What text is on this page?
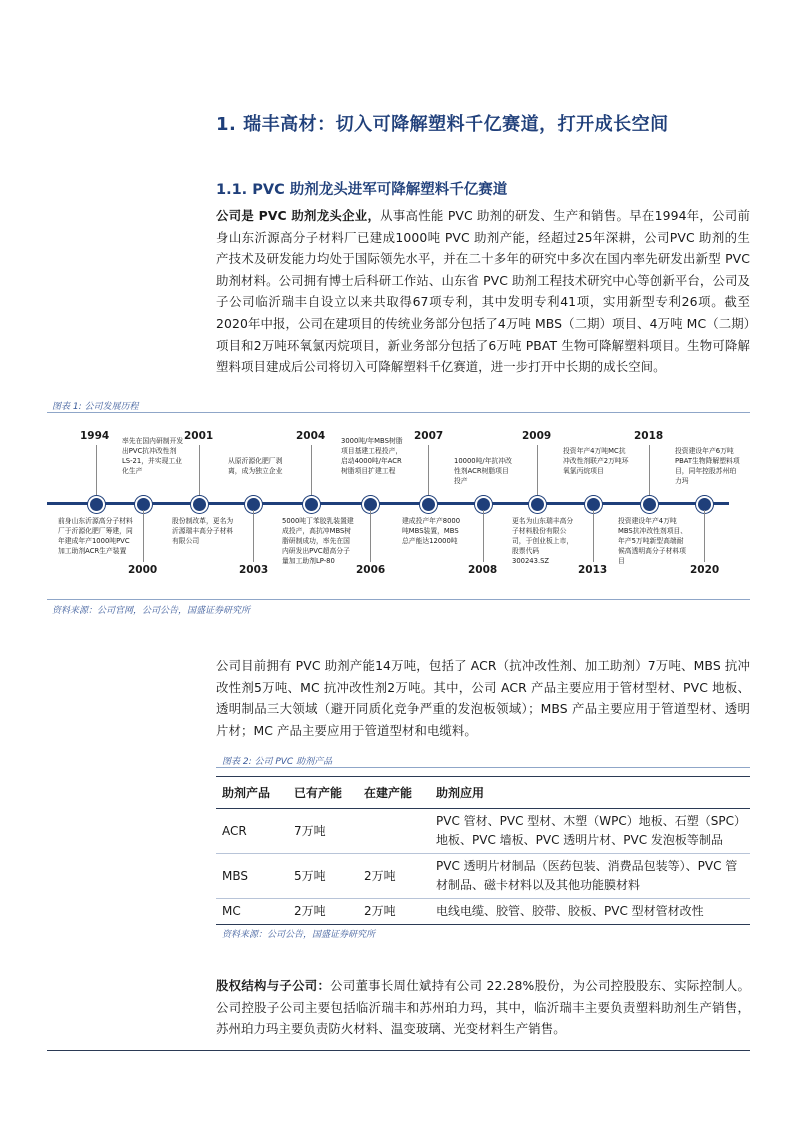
1. 瑞丰高材：切入可降解塑料千亿赛道，打开成长空间
1.1. PVC 助剂龙头进军可降解塑料千亿赛道
公司是 PVC 助剂龙头企业，从事高性能 PVC 助剂的研发、生产和销售。早在1994年，公司前身山东沂源高分子材料厂已建成1000吨 PVC 助剂产能，经超过25年深耕，公司PVC 助剂的生产技术及研发能力均处于国际领先水平，并在二十多年的研究中多次在国内率先研发出新型 PVC 助剂材料。公司拥有博士后科研工作站、山东省 PVC 助剂工程技术研究中心等创新平台，公司及子公司临沂瑞丰自设立以来共取得67项专利，其中发明专利41项，实用新型专利26项。截至2020年中报，公司在建项目的传统业务部分包括了4万吨 MBS（二期）项目、4万吨 MC（二期）项目和2万吨环氧氯丙烷项目，新业务部分包括了6万吨 PBAT 生物可降解塑料项目。生物可降解塑料项目建成后公司将切入可降解塑料千亿赛道，进一步打开中长期的成长空间。
图表 1: 公司发展历程
1994 率先在国内研制开发出PVC抗冲改性剂LS-21，并实现工业化生产
2001
从原沂源化肥厂剥离，成为独立企业
2004 3000吨/年MBS树脂项目基建工程投产，启动4000吨/年ACR树脂项目扩建工程
2007
10000吨/年抗冲改性剂ACR树脂项目投产
2009
投资年产4万吨MC抗冲改性剂联产2万吨环氧氯丙烷项目
2018
投资建设年产6万吨PBAT生物降解塑料项目，同年控股苏州珀力玛
2000
前身山东沂源高分子材料厂于沂源化肥厂筹建，同年建成年产1000吨PVC加工助剂ACR生产装置
2003
股份制改革，更名为沂源瑞丰高分子材料有限公司
2006
5000吨丁苯胶乳装置建成投产，高抗冲MBS树脂研制成功，率先在国内研发出PVC超高分子量加工助剂LP-80
2008
建成投产年产8000吨MBS装置，MBS总产能达12000吨
2013
更名为山东瑞丰高分子材料股份有限公司，于创业板上市，股票代码300243.SZ
2020
投资建设年产4万吨MBS抗冲改性剂项目、年产5万吨新型高端耐候高透明高分子材料项目
资料来源：公司官网，公司公告，国盛证券研究所
公司目前拥有 PVC 助剂产能14万吨，包括了 ACR（抗冲改性剂、加工助剂）7万吨、MBS 抗冲改性剂5万吨、MC 抗冲改性剂2万吨。其中，公司 ACR 产品主要应用于管材型材、PVC 地板、透明制品三大领域（避开同质化竞争严重的发泡板领域）；MBS 产品主要应用于管道型材、透明片材；MC 产品主要应用于管道型材和电缆料。
图表 2: 公司 PVC 助剂产品
助剂产品	已有产能	在建产能	助剂应用
ACR	7万吨		PVC 管材、PVC 型材、木塑（WPC）地板、石塑（SPC）地板、PVC 墙板、PVC 透明片材、PVC 发泡板等制品
MBS	5万吨	2万吨	PVC 透明片材制品（医药包装、消费品包装等）、PVC 管材制品、磁卡材料以及其他功能膜材料
MC	2万吨	2万吨	电线电缆、胶管、胶带、胶板、PVC 型材管材改性
资料来源：公司公告，国盛证券研究所
股权结构与子公司：公司董事长周仕斌持有公司 22.28%股份，为公司控股股东、实际控制人。公司控股子公司主要包括临沂瑞丰和苏州珀力玛，其中，临沂瑞丰主要负责塑料助剂生产销售，苏州珀力玛主要负责防火材料、温变玻璃、光变材料生产销售。
